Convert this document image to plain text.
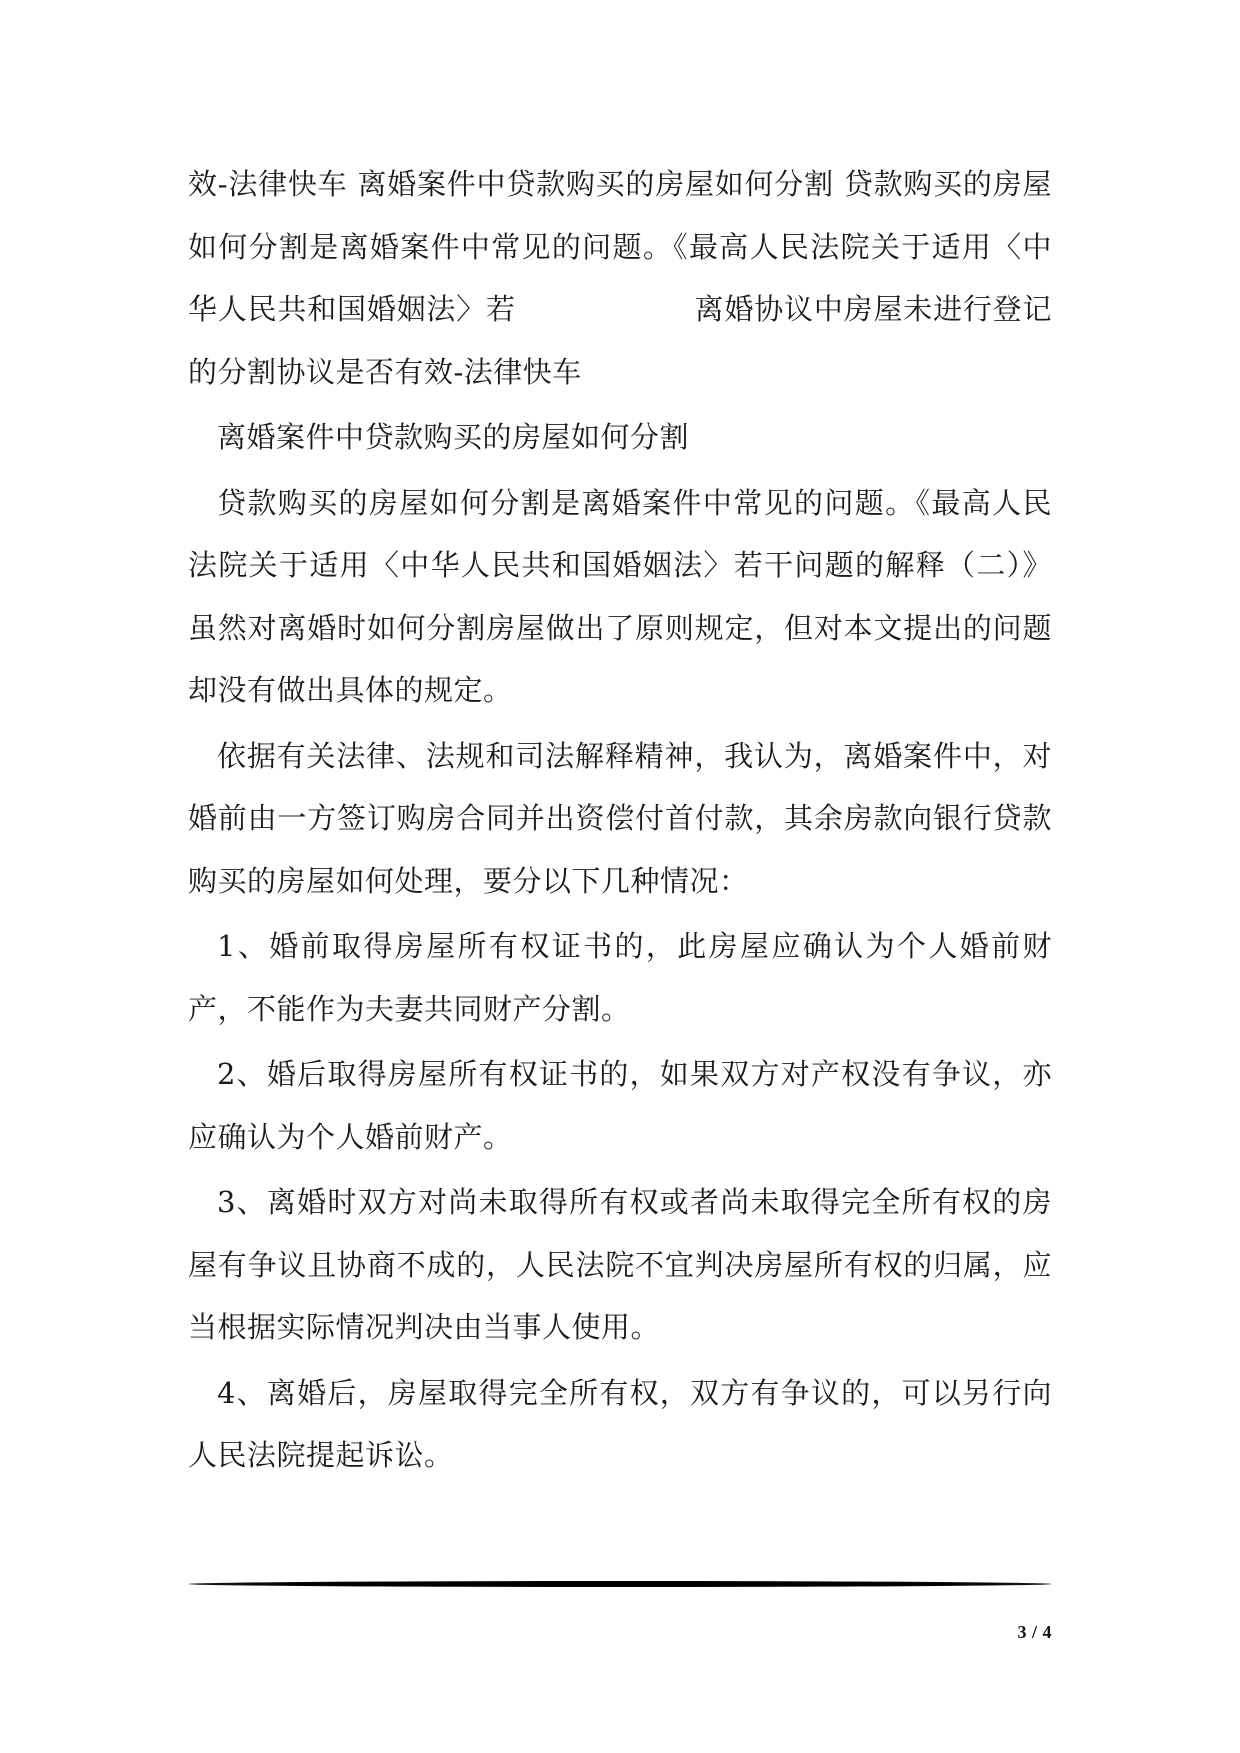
效-法律快车 离婚案件中贷款购买的房屋如何分割 贷款购买的房屋如何分割是离婚案件中常见的问题。《最高人民法院关于适用〈中华人民共和国婚姻法〉若　　　　　　离婚协议中房屋未进行登记的分割协议是否有效-法律快车

离婚案件中贷款购买的房屋如何分割

贷款购买的房屋如何分割是离婚案件中常见的问题。《最高人民法院关于适用〈中华人民共和国婚姻法〉若干问题的解释（二）》虽然对离婚时如何分割房屋做出了原则规定，但对本文提出的问题却没有做出具体的规定。

依据有关法律、法规和司法解释精神，我认为，离婚案件中，对婚前由一方签订购房合同并出资偿付首付款，其余房款向银行贷款购买的房屋如何处理，要分以下几种情况：

1、婚前取得房屋所有权证书的，此房屋应确认为个人婚前财产，不能作为夫妻共同财产分割。

2、婚后取得房屋所有权证书的，如果双方对产权没有争议，亦应确认为个人婚前财产。

3、离婚时双方对尚未取得所有权或者尚未取得完全所有权的房屋有争议且协商不成的，人民法院不宜判决房屋所有权的归属，应当根据实际情况判决由当事人使用。

4、离婚后，房屋取得完全所有权，双方有争议的，可以另行向人民法院提起诉讼。

3 / 4
